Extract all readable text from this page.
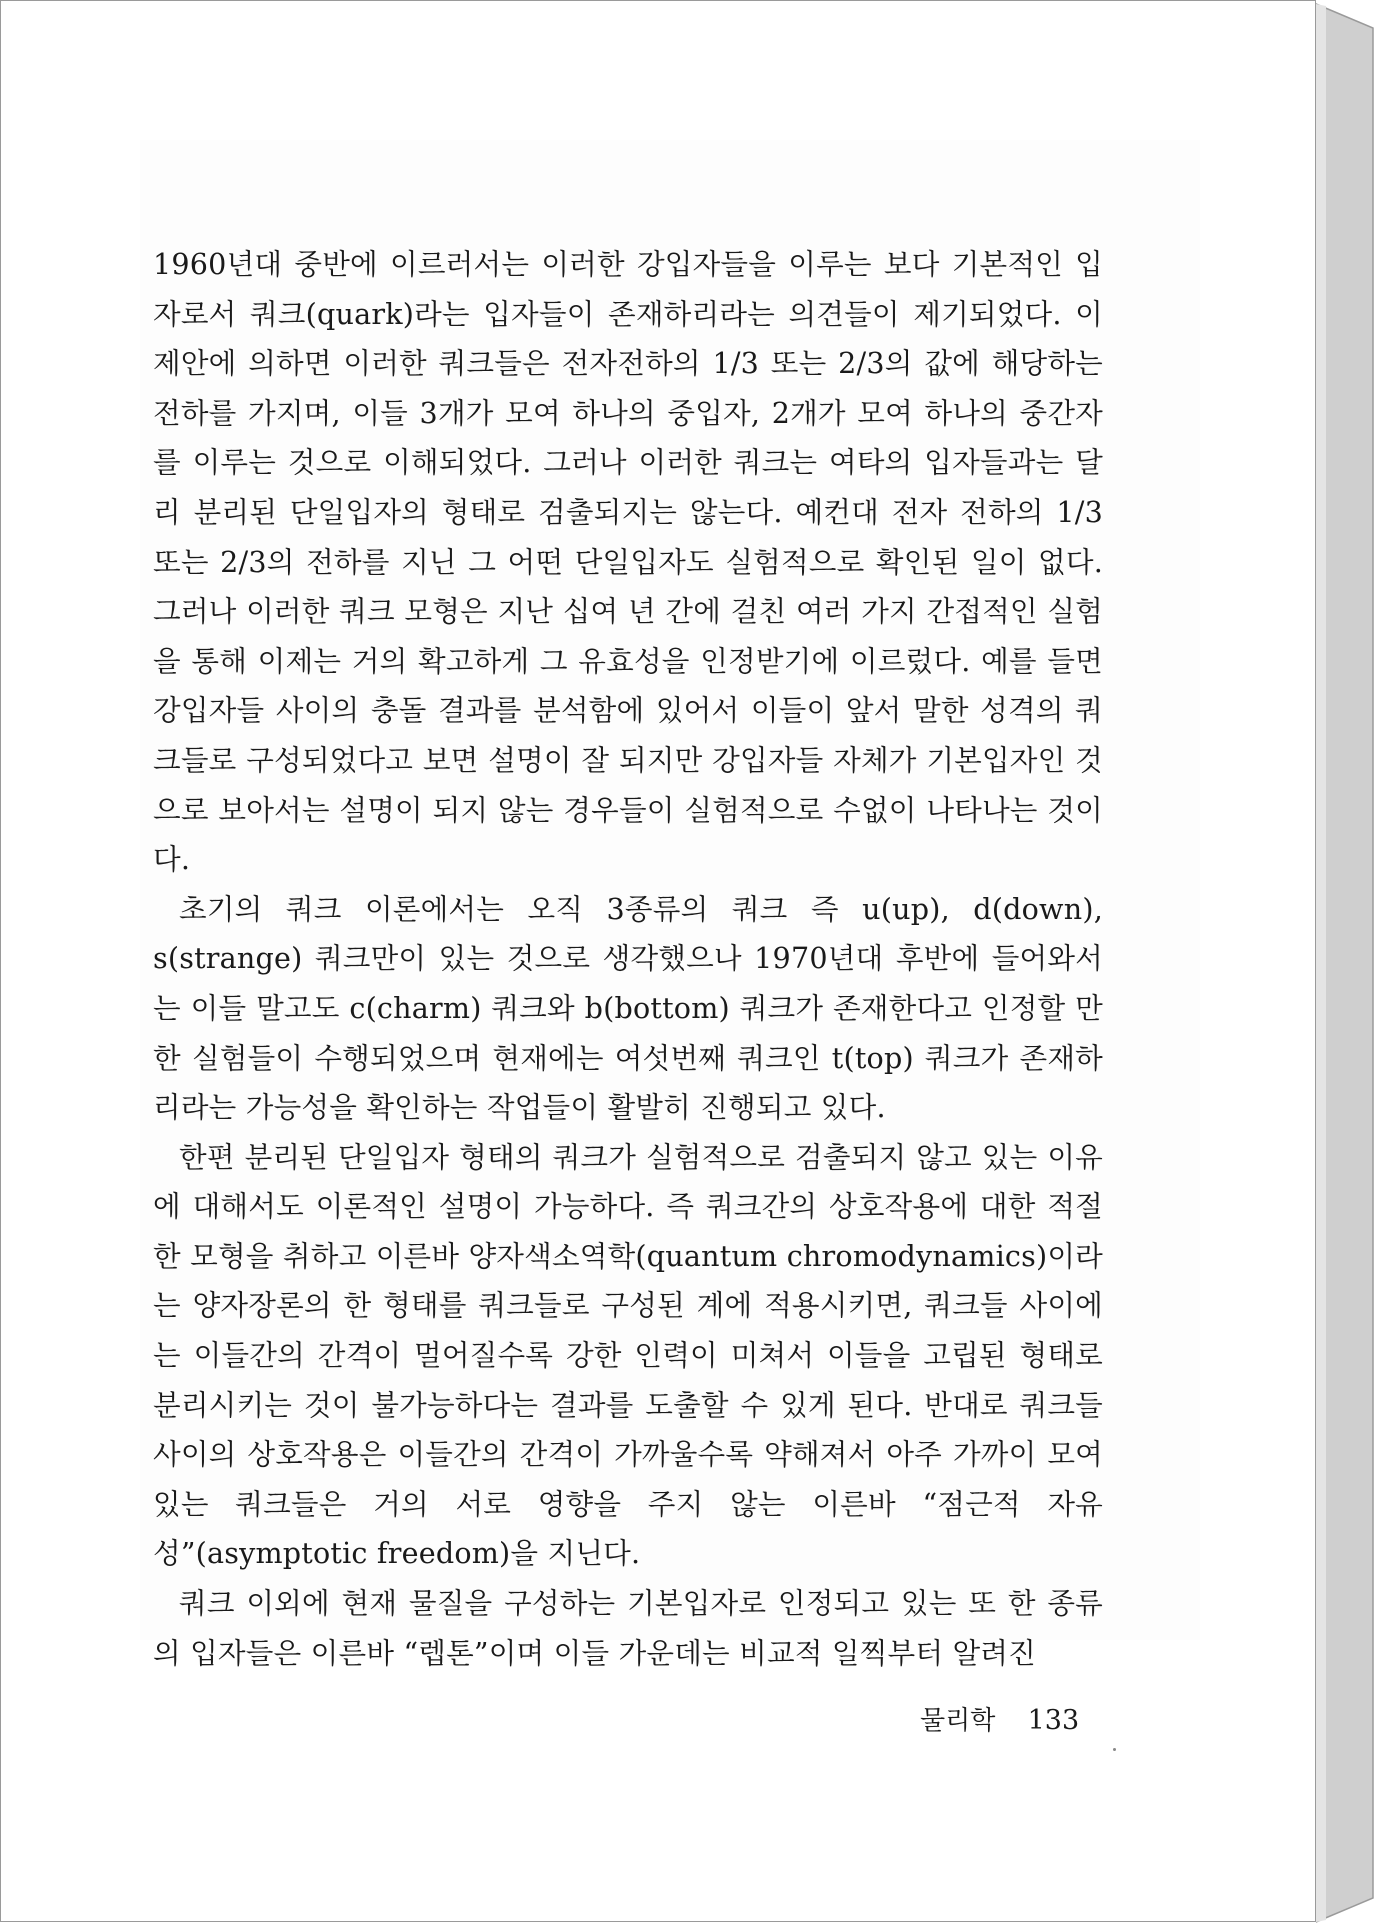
1960년대 중반에 이르러서는 이러한 강입자들을 이루는 보다 기본적인 입자로서 쿼크(quark)라는 입자들이 존재하리라는 의견들이 제기되었다. 이 제안에 의하면 이러한 쿼크들은 전자전하의 1/3 또는 2/3의 값에 해당하는 전하를 가지며, 이들 3개가 모여 하나의 중입자, 2개가 모여 하나의 중간자를 이루는 것으로 이해되었다. 그러나 이러한 쿼크는 여타의 입자들과는 달리 분리된 단일입자의 형태로 검출되지는 않는다. 예컨대 전자 전하의 1/3 또는 2/3의 전하를 지닌 그 어떤 단일입자도 실험적으로 확인된 일이 없다. 그러나 이러한 쿼크 모형은 지난 십여 년 간에 걸친 여러 가지 간접적인 실험을 통해 이제는 거의 확고하게 그 유효성을 인정받기에 이르렀다. 예를 들면 강입자들 사이의 충돌 결과를 분석함에 있어서 이들이 앞서 말한 성격의 쿼크들로 구성되었다고 보면 설명이 잘 되지만 강입자들 자체가 기본입자인 것으로 보아서는 설명이 되지 않는 경우들이 실험적으로 수없이 나타나는 것이다.

초기의 쿼크 이론에서는 오직 3종류의 쿼크 즉 u(up), d(down), s(strange) 쿼크만이 있는 것으로 생각했으나 1970년대 후반에 들어와서는 이들 말고도 c(charm) 쿼크와 b(bottom) 쿼크가 존재한다고 인정할 만한 실험들이 수행되었으며 현재에는 여섯번째 쿼크인 t(top) 쿼크가 존재하리라는 가능성을 확인하는 작업들이 활발히 진행되고 있다.

한편 분리된 단일입자 형태의 쿼크가 실험적으로 검출되지 않고 있는 이유에 대해서도 이론적인 설명이 가능하다. 즉 쿼크간의 상호작용에 대한 적절한 모형을 취하고 이른바 양자색소역학(quantum chromodynamics)이라는 양자장론의 한 형태를 쿼크들로 구성된 계에 적용시키면, 쿼크들 사이에는 이들간의 간격이 멀어질수록 강한 인력이 미쳐서 이들을 고립된 형태로 분리시키는 것이 불가능하다는 결과를 도출할 수 있게 된다. 반대로 쿼크들 사이의 상호작용은 이들간의 간격이 가까울수록 약해져서 아주 가까이 모여 있는 쿼크들은 거의 서로 영향을 주지 않는 이른바 “점근적 자유성”(asymptotic freedom)을 지닌다.

쿼크 이외에 현재 물질을 구성하는 기본입자로 인정되고 있는 또 한 종류의 입자들은 이른바 “렙톤”이며 이들 가운데는 비교적 일찍부터 알려진

물리학 133
